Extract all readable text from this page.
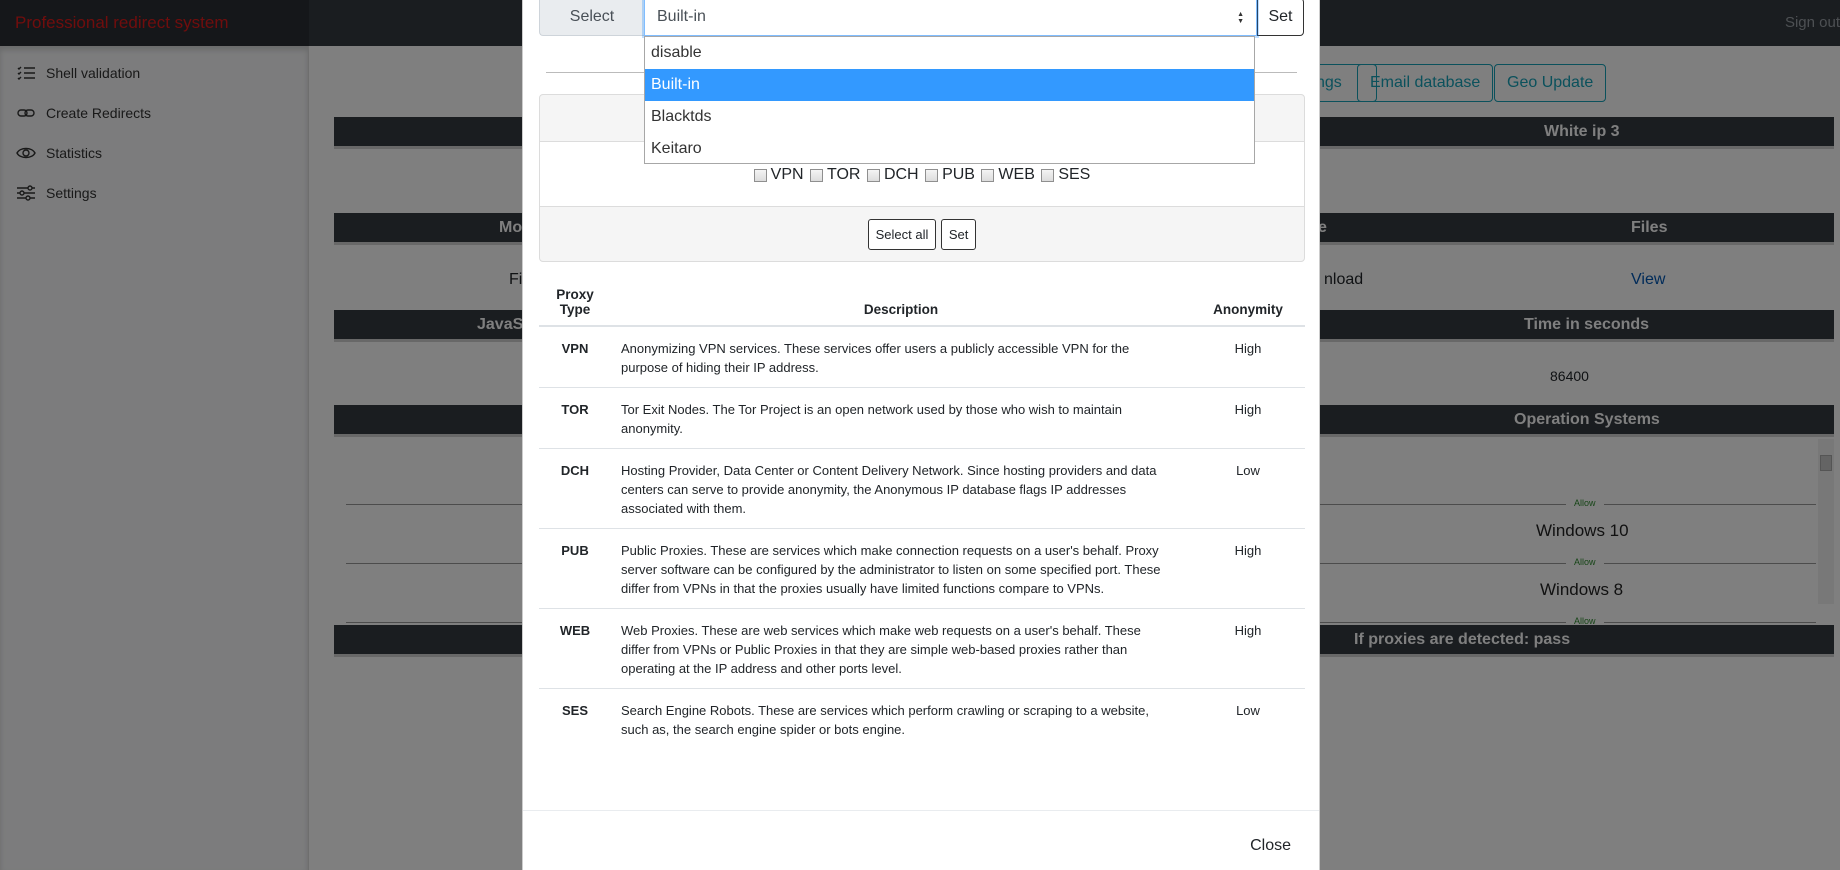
Select	Built-in	▲
▼	Set
VPN
TOR
DCH
PUB
WEB
SES
Select all Set
Proxy Type	Description	Anonymity
VPN	Anonymizing VPN services. These services offer users a publicly accessible VPN for the purpose of hiding their IP address.	High
TOR	Tor Exit Nodes. The Tor Project is an open network used by those who wish to maintain anonymity.	High
DCH	Hosting Provider, Data Center or Content Delivery Network. Since hosting providers and data centers can serve to provide anonymity, the Anonymous IP database flags IP addresses associated with them.	Low
PUB	Public Proxies. These are services which make connection requests on a user's behalf. Proxy server software can be configured by the administrator to listen on some specified port. These differ from VPNs in that the proxies usually have limited functions compare to VPNs.	High
WEB	Web Proxies. These are web services which make web requests on a user's behalf. These differ from VPNs or Public Proxies in that they are simple web-based proxies rather than operating at the IP address and other ports level.	High
SES	Search Engine Robots. These are services which perform crawling or scraping to a website, such as, the search engine spider or bots engine.	Low
Close
disable
Built-in
Blacktds
Keitaro
